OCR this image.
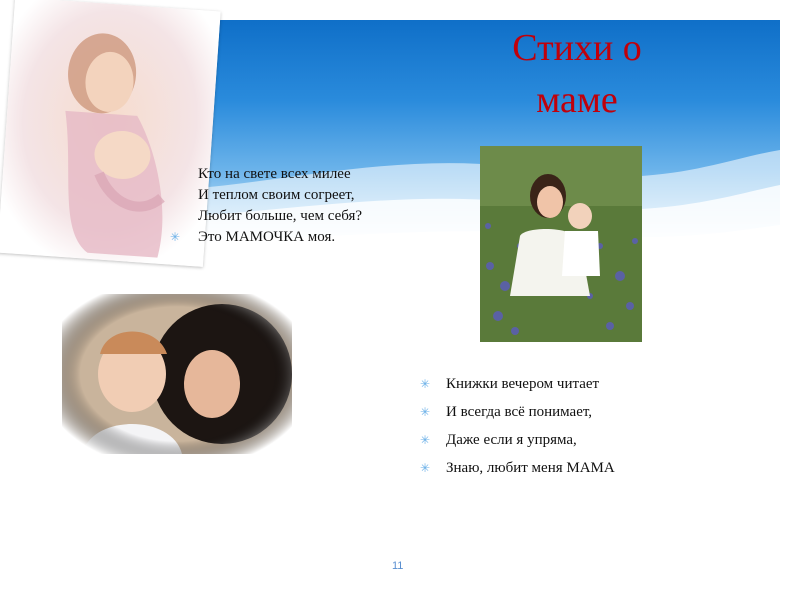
Стихи о
маме
Кто на свете всех милее
И теплом своим согреет,
Любит больше, чем себя?
✳ Это МАМОЧКА моя.
✳ Книжки вечером читает
✳ И всегда всё понимает,
✳ Даже если я упряма,
✳ Знаю, любит меня МАМА
11
